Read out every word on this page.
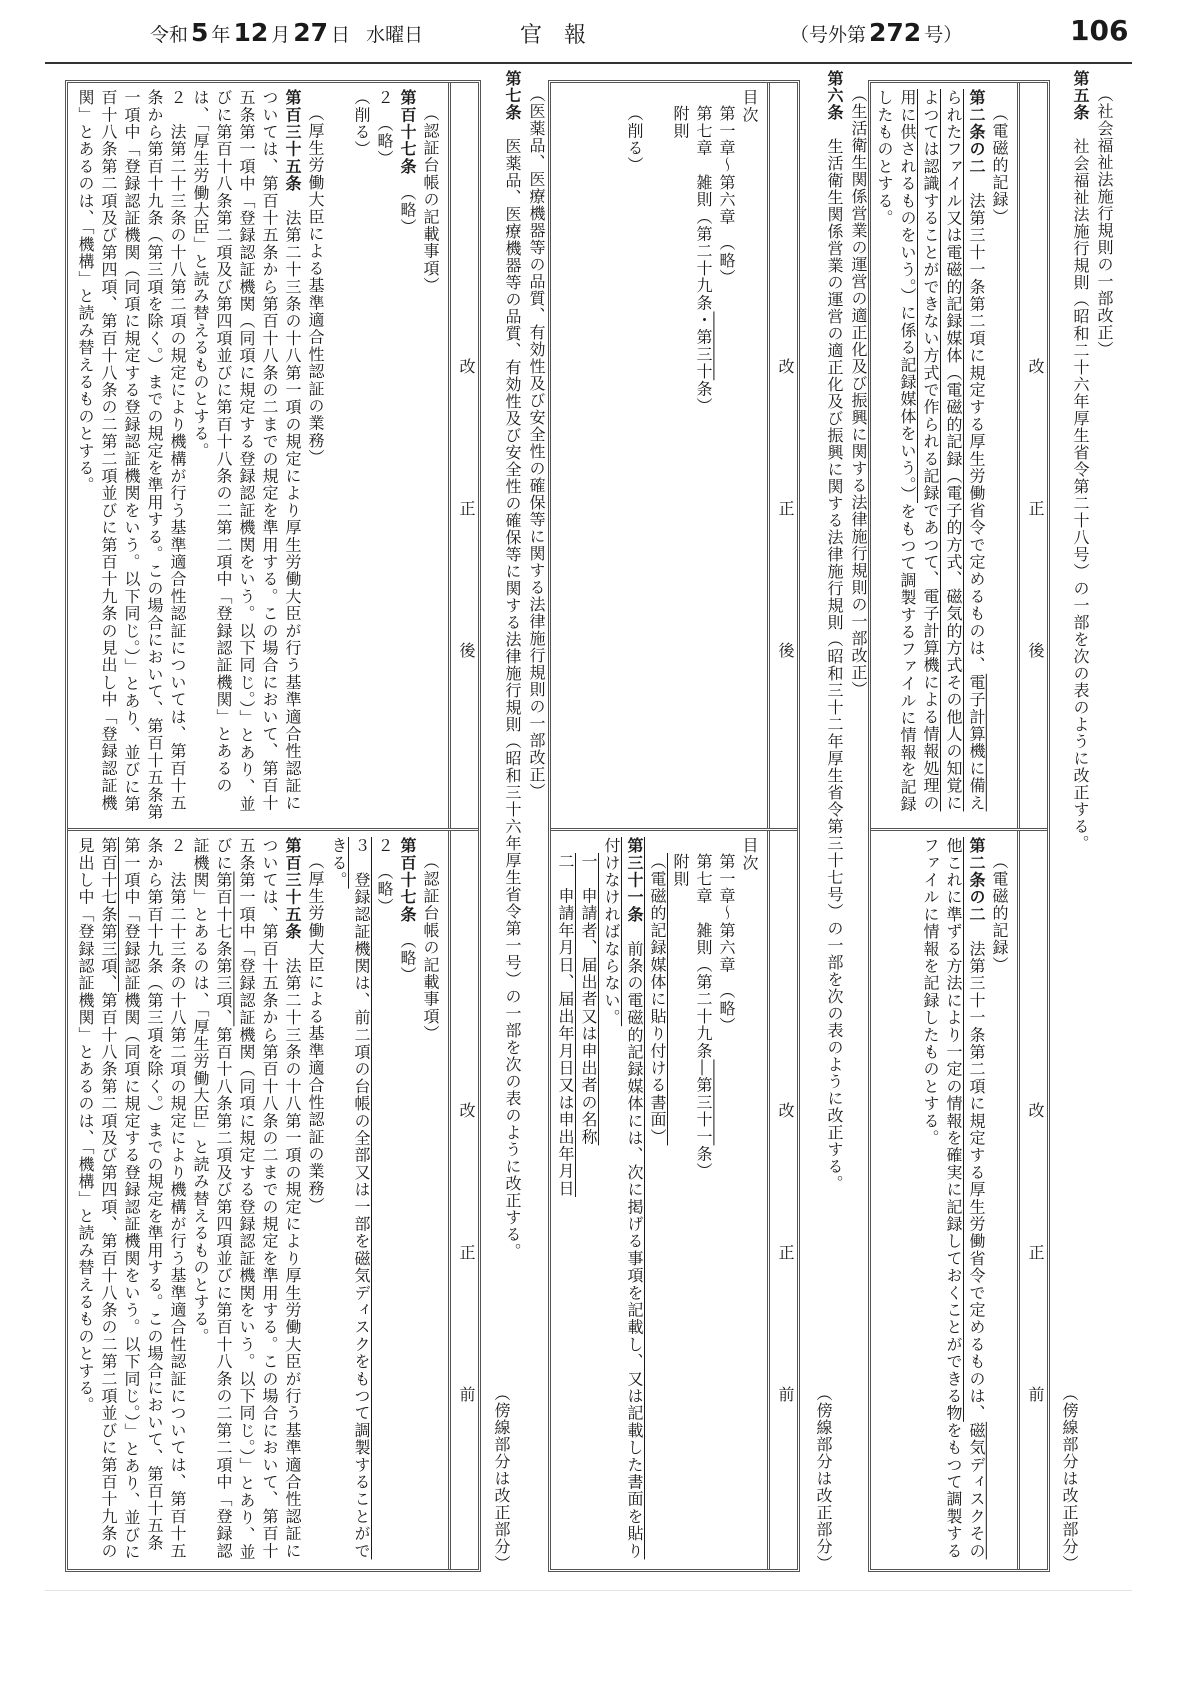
令和 5 年 12 月 27 日 水曜日	官報	（号外第 272 号）	106
（社会福祉法施行規則の一部改正）
第五条　社会福祉法施行規則（昭和二十六年厚生省令第二十八号）の一部を次の表のように改正する。
（傍線部分は改正部分）
改正後

（電磁的記録）

第二条の二　法第三十一条第二項に規定する厚生労働省令で定めるものは、電子計算機に備えられたファイル又は電磁的記録媒体（電磁的記録（電子的方式、磁気的方式その他人の知覚によつては認識することができない方式で作られる記録であつて、電子計算機による情報処理の用に供されるものをいう。）に係る記録媒体をいう。）をもつて調製するファイルに情報を記録したものとする。

改正前

（電磁的記録）

第二条の二　法第三十一条第二項に規定する厚生労働省令で定めるものは、磁気ディスクその他これに準ずる方法により一定の情報を確実に記録しておくことができる物をもつて調製するファイルに情報を記録したものとする。

（生活衛生関係営業の運営の適正化及び振興に関する法律施行規則の一部改正）
第六条　生活衛生関係営業の運営の適正化及び振興に関する法律施行規則（昭和三十二年厚生省令第三十七号）の一部を次の表のように改正する。
（傍線部分は改正部分）
改正後

目次

第一章～第六章　（略）

第七章　雑則（第二十九条・第三十条）

附則

（削る）

改正前

目次

第一章～第六章　（略）

第七章　雑則（第二十九条―第三十一条）

附則

（電磁的記録媒体に貼り付ける書面）

第三十一条　前条の電磁的記録媒体には、次に掲げる事項を記載し、又は記載した書面を貼り付けなければならない。

一　申請者、届出者又は申出者の名称

二　申請年月日、届出年月日又は申出年月日

（医薬品、医療機器等の品質、有効性及び安全性の確保等に関する法律施行規則の一部改正）
第七条　医薬品、医療機器等の品質、有効性及び安全性の確保等に関する法律施行規則（昭和三十六年厚生省令第一号）の一部を次の表のように改正する。
（傍線部分は改正部分）
改正後

（認証台帳の記載事項）

第百十七条　（略）

２　（略）

（削る）

（厚生労働大臣による基準適合性認証の業務）

第百三十五条　法第二十三条の十八第一項の規定により厚生労働大臣が行う基準適合性認証については、第百十五条から第百十八条の二までの規定を準用する。この場合において、第百十五条第一項中「登録認証機関（同項に規定する登録認証機関をいう。以下同じ。）」とあり、並びに第百十八条第二項及び第四項並びに第百十八条の二第二項中「登録認証機関」とあるのは、「厚生労働大臣」と読み替えるものとする。

２　法第二十三条の十八第二項の規定により機構が行う基準適合性認証については、第百十五条から第百十九条（第三項を除く。）までの規定を準用する。この場合において、第百十五条第一項中「登録認証機関（同項に規定する登録認証機関をいう。以下同じ。）」とあり、並びに第百十八条第二項及び第四項、第百十八条の二第二項並びに第百十九条の見出し中「登録認証機関」とあるのは、「機構」と読み替えるものとする。

改正前

（認証台帳の記載事項）

第百十七条　（略）

２　（略）

３　登録認証機関は、前二項の台帳の全部又は一部を磁気ディスクをもつて調製することができる。

（厚生労働大臣による基準適合性認証の業務）

第百三十五条　法第二十三条の十八第一項の規定により厚生労働大臣が行う基準適合性認証については、第百十五条から第百十八条の二までの規定を準用する。この場合において、第百十五条第一項中「登録認証機関（同項に規定する登録認証機関をいう。以下同じ。）」とあり、並びに第百十七条第三項、第百十八条第二項及び第四項並びに第百十八条の二第二項中「登録認証機関」とあるのは、「厚生労働大臣」と読み替えるものとする。

２　法第二十三条の十八第二項の規定により機構が行う基準適合性認証については、第百十五条から第百十九条（第三項を除く。）までの規定を準用する。この場合において、第百十五条第一項中「登録認証機関（同項に規定する登録認証機関をいう。以下同じ。）」とあり、並びに第百十七条第三項、第百十八条第二項及び第四項、第百十八条の二第二項並びに第百十九条の見出し中「登録認証機関」とあるのは、「機構」と読み替えるものとする。
